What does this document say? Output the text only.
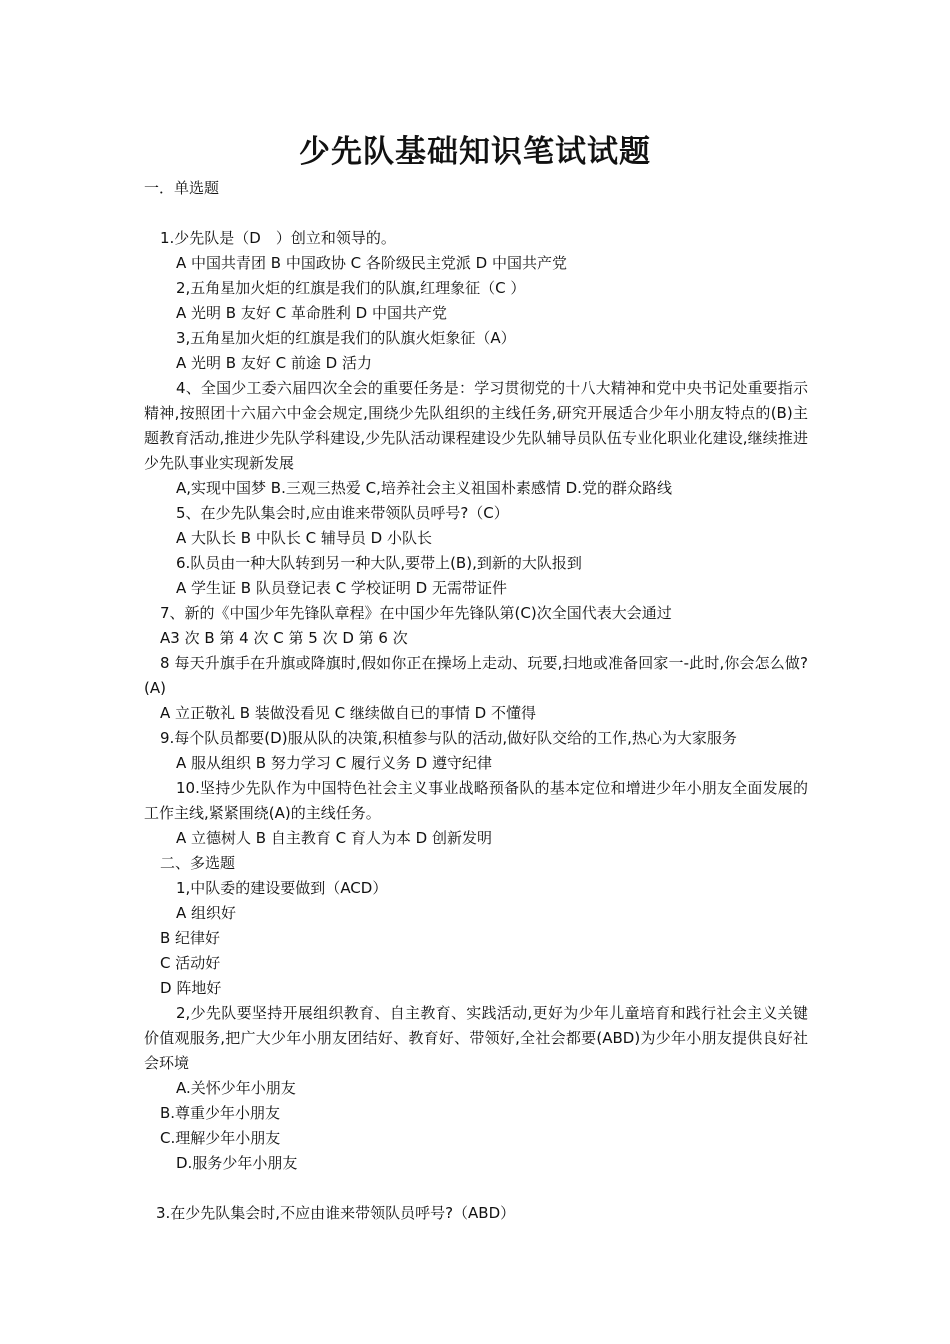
少先队基础知识笔试试题

一．单选题

1.少先队是（D　）创立和领导的。

A 中国共青团 B 中国政协 C 各阶级民主党派 D 中国共产党

2,五角星加火炬的红旗是我们的队旗,红理象征（C ）

A 光明 B 友好 C 革命胜利 D 中国共产党

3,五角星加火炬的红旗是我们的队旗火炬象征（A）

A 光明 B 友好 C 前途 D 活力

4、全国少工委六届四次全会的重要任务是：学习贯彻党的十八大精神和党中央书记处重要指示精神,按照团十六届六中金会规定,围绕少先队组织的主线任务,研究开展适合少年小朋友特点的(B)主题教育活动,推进少先队学科建设,少先队活动课程建设少先队辅导员队伍专业化职业化建设,继续推进少先队事业实现新发展

A,实现中国梦 B.三观三热爱 C,培养社会主义祖国朴素感情 D.党的群众路线

5、在少先队集会时,应由谁来带领队员呼号?（C）

A 大队长 B 中队长 C 辅导员 D 小队长

6.队员由一种大队转到另一种大队,要带上(B),到新的大队报到

A 学生证 B 队员登记表 C 学校证明 D 无需带证件

7、新的《中国少年先锋队章程》在中国少年先锋队第(C)次全国代表大会通过

A3 次 B 第 4 次 C 第 5 次 D 第 6 次

8 每天升旗手在升旗或降旗时,假如你正在操场上走动、玩要,扫地或准备回家一-此时,你会怎么做?(A)

A 立正敬礼 B 装做没看见 C 继续做自已的事情 D 不懂得

9.每个队员都要(D)服从队的决策,积植参与队的活动,做好队交给的工作,热心为大家服务

A 服从组织 B 努力学习 C 履行义务 D 遵守纪律

10.坚持少先队作为中国特色社会主义事业战略预备队的基本定位和增进少年小朋友全面发展的工作主线,紧紧围绕(A)的主线任务。

A 立德树人 B 自主教育 C 育人为本 D 创新发明

二、多选题

1,中队委的建设要做到（ACD）

A 组织好

B 纪律好

C 活动好

D 阵地好

2,少先队要坚持开展组织教育、自主教育、实践活动,更好为少年儿童培育和践行社会主义关键价值观服务,把广大少年小朋友团结好、教育好、带领好,全社会都要(ABD)为少年小朋友提供良好社会环境

A.关怀少年小朋友

B.尊重少年小朋友

C.理解少年小朋友

D.服务少年小朋友

3.在少先队集会时,不应由谁来带领队员呼号?（ABD）
